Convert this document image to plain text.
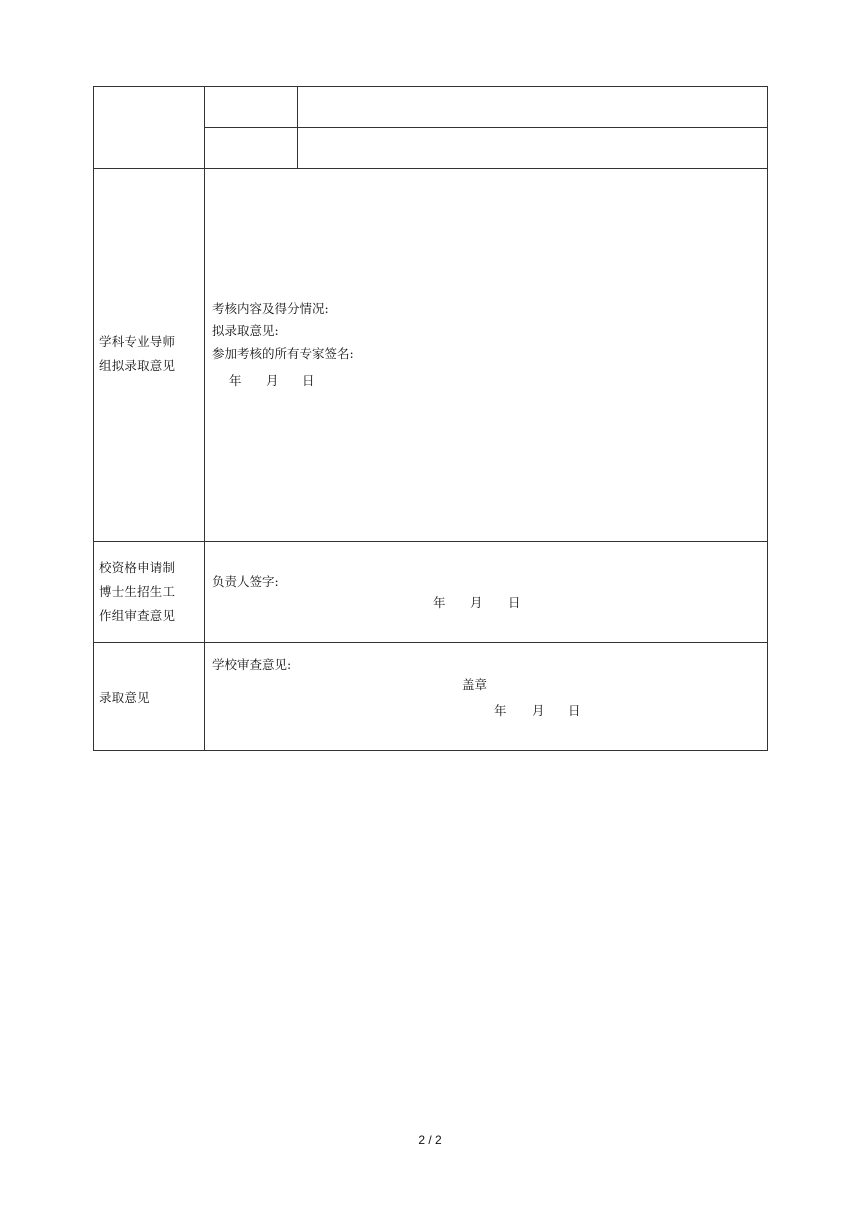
学科专业导师
组拟录取意见
考核内容及得分情况:
拟录取意见:
参加考核的所有专家签名:
年 月 日
校资格申请制
博士生招生工
作组审查意见
负责人签字:
年 月 日
录取意见
学校审查意见:
盖章
年 月 日
2 / 2
